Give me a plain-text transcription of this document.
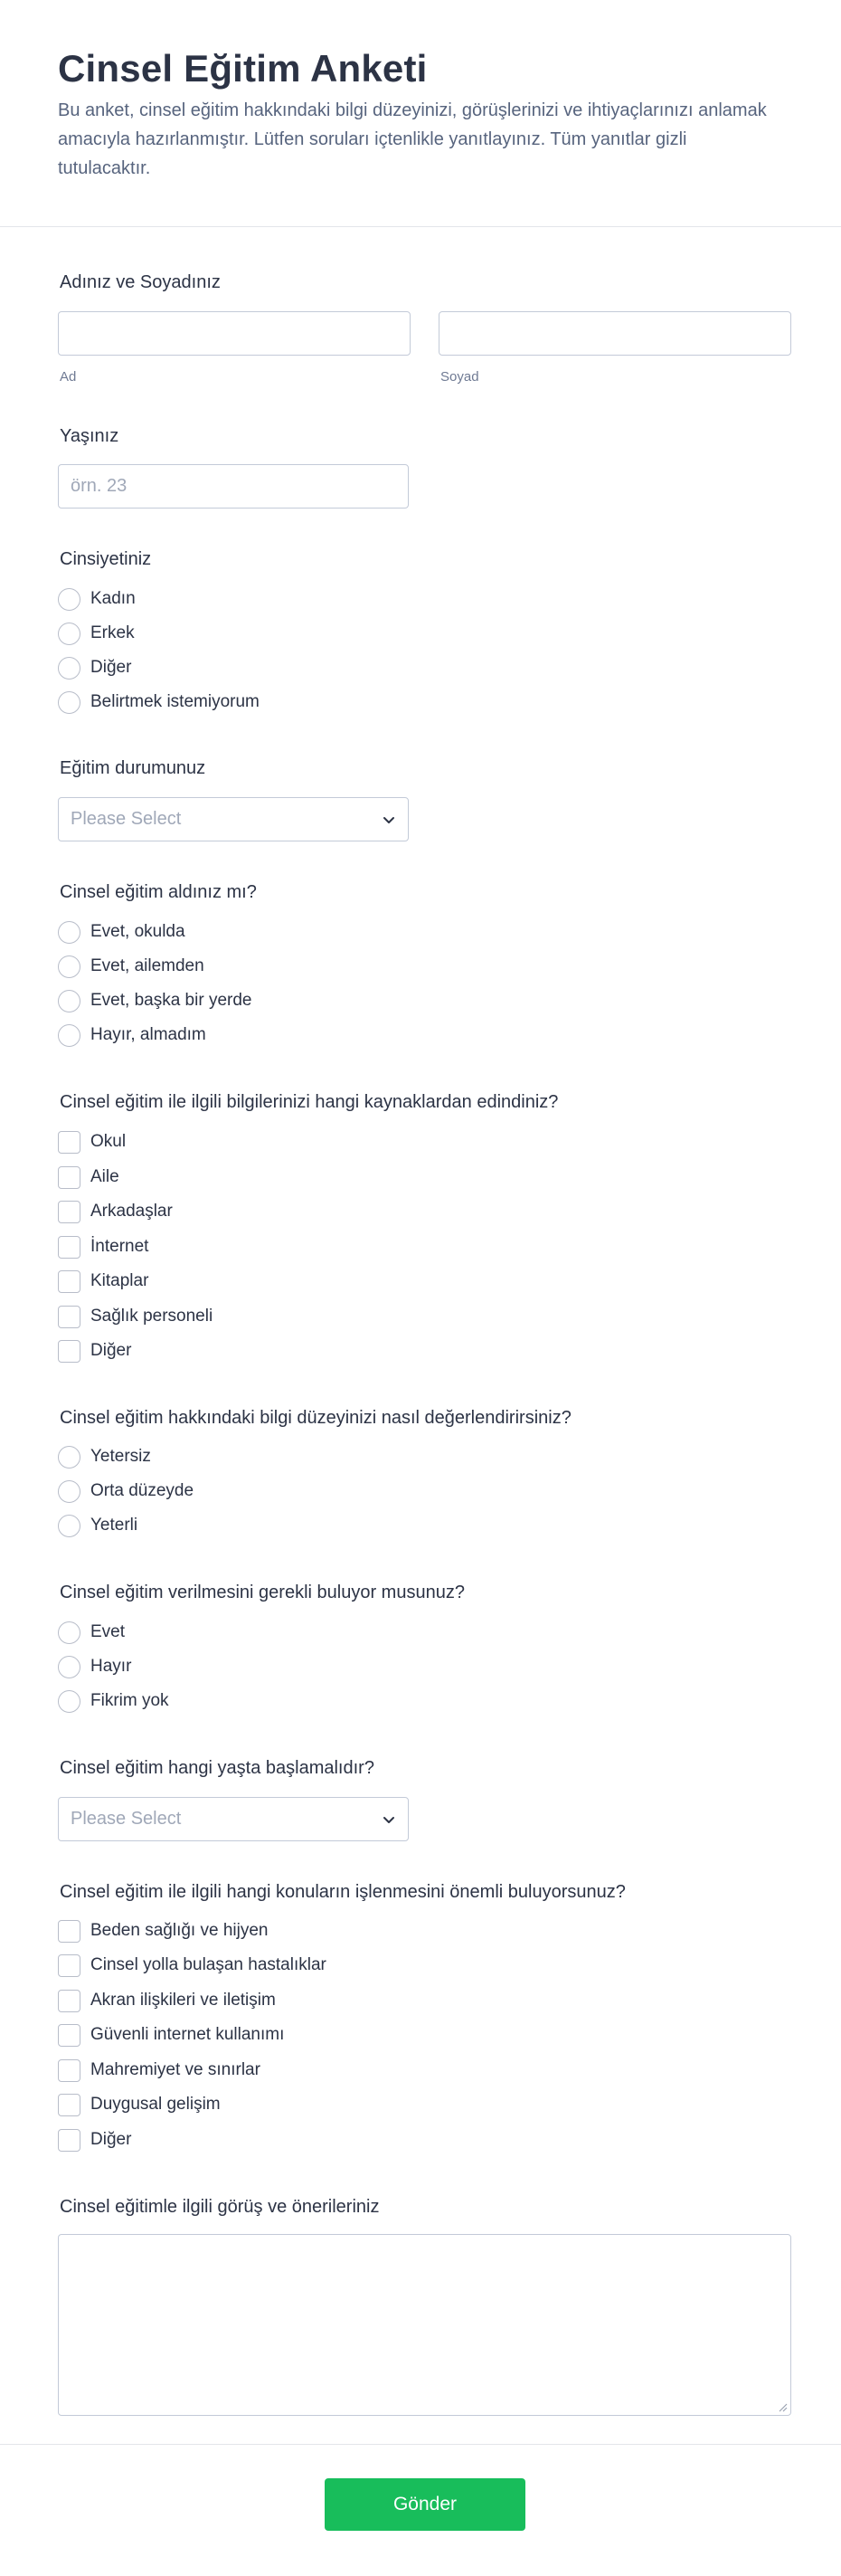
Cinsel Eğitim Anketi

Bu anket, cinsel eğitim hakkındaki bilgi düzeyinizi, görüşlerinizi ve ihtiyaçlarınızı anlamak amacıyla hazırlanmıştır. Lütfen soruları içtenlikle yanıtlayınız. Tüm yanıtlar gizli tutulacaktır.

Adınız ve Soyadınız
Ad	Soyad
Yaşınız
örn. 23
Cinsiyetiniz
Kadın
Erkek
Diğer
Belirtmek istemiyorum
Eğitim durumunuz
Please Select
Cinsel eğitim aldınız mı?
Evet, okulda
Evet, ailemden
Evet, başka bir yerde
Hayır, almadım
Cinsel eğitim ile ilgili bilgilerinizi hangi kaynaklardan edindiniz?
Okul
Aile
Arkadaşlar
İnternet
Kitaplar
Sağlık personeli
Diğer
Cinsel eğitim hakkındaki bilgi düzeyinizi nasıl değerlendirirsiniz?
Yetersiz
Orta düzeyde
Yeterli
Cinsel eğitim verilmesini gerekli buluyor musunuz?
Evet
Hayır
Fikrim yok
Cinsel eğitim hangi yaşta başlamalıdır?
Please Select
Cinsel eğitim ile ilgili hangi konuların işlenmesini önemli buluyorsunuz?
Beden sağlığı ve hijyen
Cinsel yolla bulaşan hastalıklar
Akran ilişkileri ve iletişim
Güvenli internet kullanımı
Mahremiyet ve sınırlar
Duygusal gelişim
Diğer
Cinsel eğitimle ilgili görüş ve önerileriniz
Gönder
